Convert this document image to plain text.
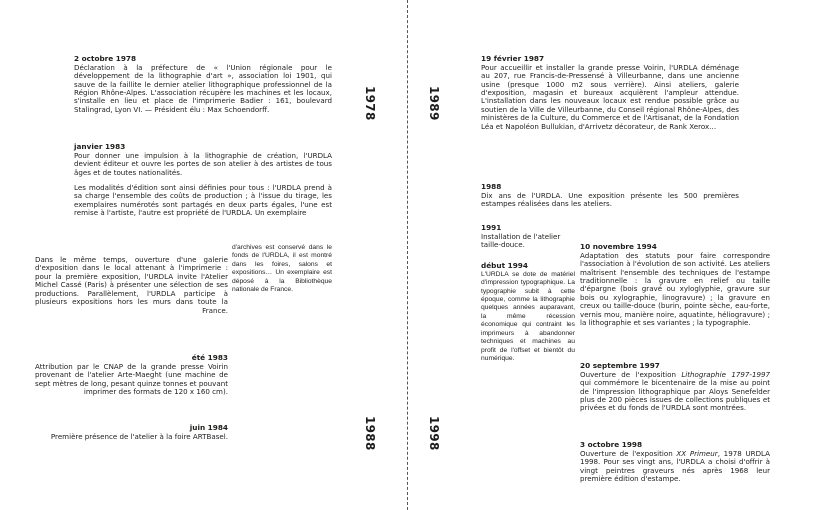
1978
1988
1989
1998

2 octobre 1978

Déclaration à la préfecture de « l'Union régionale pour le développement de la lithographie d'art », association loi 1901, qui sauve de la faillite le dernier atelier lithographique professionnel de la Région Rhône-Alpes. L'association récupère les machines et les locaux, s'installe en lieu et place de l'imprimerie Badier : 161, boulevard Stalingrad, Lyon VI. — Président élu : Max Schoendorff.

janvier 1983

Pour donner une impulsion à la lithographie de création, l'URDLA devient éditeur et ouvre les portes de son atelier à des artistes de tous âges et de toutes nationalités.

Les modalités d'édition sont ainsi définies pour tous : l'URDLA prend à sa charge l'ensemble des coûts de production ; à l'issue du tirage, les exemplaires numérotés sont partagés en deux parts égales, l'une est remise à l'artiste, l'autre est propriété de l'URDLA. Un exemplaire

d'archives est conservé dans le fonds de l'URDLA, il est montré dans les foires, salons et expositions… Un exemplaire est déposé à la Bibliothèque nationale de France.

Dans le même temps, ouverture d'une galerie d'exposition dans le local attenant à l'imprimerie : pour la première exposition, l'URDLA invite l'Atelier Michel Cassé (Paris) à présenter une sélection de ses productions. Parallèlement, l'URDLA participe à plusieurs expositions hors les murs dans toute la France.

été 1983

Attribution par le CNAP de la grande presse Voirin provenant de l'atelier Arte-Maeght (une machine de sept mètres de long, pesant quinze tonnes et pouvant imprimer des formats de 120 x 160 cm).

juin 1984

Première présence de l'atelier à la foire ARTBasel.

19 février 1987

Pour accueillir et installer la grande presse Voirin, l'URDLA déménage au 207, rue Francis-de-Pressensé à Villeurbanne, dans une ancienne usine (presque 1000 m2 sous verrière). Ainsi ateliers, galerie d'exposition, magasin et bureaux acquièrent l'ampleur attendue. L'installation dans les nouveaux locaux est rendue possible grâce au soutien de la Ville de Villeurbanne, du Conseil régional Rhône-Alpes, des ministères de la Culture, du Commerce et de l'Artisanat, de la Fondation Léa et Napoléon Bullukian, d'Arrivetz décorateur, de Rank Xerox…

1988

Dix ans de l'URDLA. Une exposition présente les 500 premières estampes réalisées dans les ateliers.

1991

Installation de l'atelier taille-douce.

début 1994

L'URDLA se dote de matériel d'impression typographique. La typographie subit à cette époque, comme la lithographie quelques années auparavant, la même récession économique qui contraint les imprimeurs à abandonner techniques et machines au profit de l'offset et bientôt du numérique.

10 novembre 1994

Adaptation des statuts pour faire correspondre l'association à l'évolution de son activité. Les ateliers maîtrisent l'ensemble des techniques de l'estampe traditionnelle : la gravure en relief ou taille d'épargne (bois gravé ou xyloglyphie, gravure sur bois ou xylographie, linogravure) ; la gravure en creux ou taille-douce (burin, pointe sèche, eau-forte, vernis mou, manière noire, aquatinte, héliogravure) ; la lithographie et ses variantes ; la typographie.

20 septembre 1997

Ouverture de l'exposition Lithographie 1797-1997 qui commémore le bicentenaire de la mise au point de l'impression lithographique par Aloys Senefelder plus de 200 pièces issues de collections publiques et privées et du fonds de l'URDLA sont montrées.

3 octobre 1998

Ouverture de l'exposition XX Primeur, 1978 URDLA 1998. Pour ses vingt ans, l'URDLA a choisi d'offrir à vingt peintres graveurs nés après 1968 leur première édition d'estampe.
